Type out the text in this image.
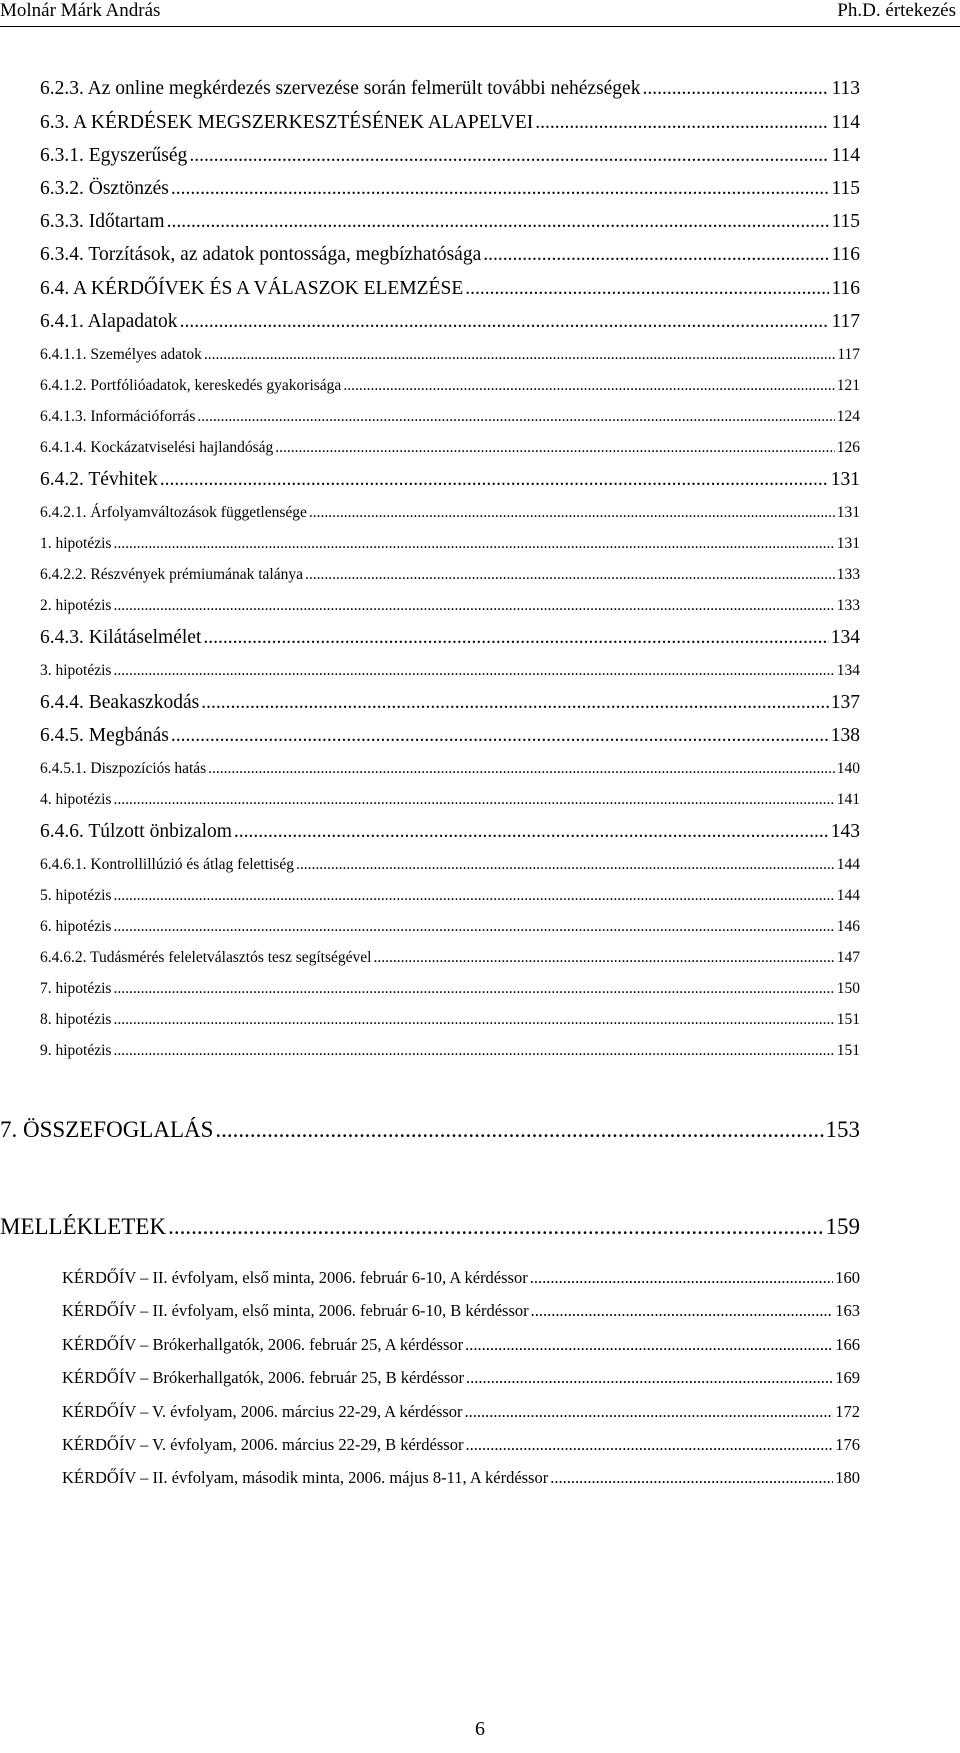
Molnár Márk András	Ph.D. értekezés
6.2.3. Az online megkérdezés szervezése során felmerült további nehézségek .....	113
6.3. A KÉRDÉSEK MEGSZERKESZTÉSÉNEK ALAPELVEI .....	114
6.3.1. Egyszerűség .....	114
6.3.2. Ösztönzés .....	115
6.3.3. Időtartam .....	115
6.3.4. Torzítások, az adatok pontossága, megbízhatósága .....	116
6.4. A KÉRDŐÍVEK ÉS A VÁLASZOK ELEMZÉSE .....	116
6.4.1. Alapadatok .....	117
6.4.1.1. Személyes adatok .....	117
6.4.1.2. Portfólióadatok, kereskedés gyakorisága .....	121
6.4.1.3. Információforrás .....	124
6.4.1.4. Kockázatviselési hajlandóság .....	126
6.4.2. Tévhitek .....	131
6.4.2.1. Árfolyamváltozások függetlensége .....	131
1. hipotézis .....	131
6.4.2.2. Részvények prémiumának talánya .....	133
2. hipotézis .....	133
6.4.3. Kilátáselmélet .....	134
3. hipotézis .....	134
6.4.4. Beakaszkodás .....	137
6.4.5. Megbánás .....	138
6.4.5.1. Diszpozíciós hatás .....	140
4. hipotézis .....	141
6.4.6. Túlzott önbizalom .....	143
6.4.6.1. Kontrollillúzió és átlag felettiség .....	144
5. hipotézis .....	144
6. hipotézis .....	146
6.4.6.2. Tudásmérés feleletválasztós tesz segítségével .....	147
7. hipotézis .....	150
8. hipotézis .....	151
9. hipotézis .....	151
7. ÖSSZEFOGLALÁS .....	153
MELLÉKLETEK .....	159
KÉRDŐÍV – II. évfolyam, első minta, 2006. február 6-10, A kérdéssor .....	160
KÉRDŐÍV – II. évfolyam, első minta, 2006. február 6-10, B kérdéssor .....	163
KÉRDŐÍV – Brókerhallgatók, 2006. február 25, A kérdéssor .....	166
KÉRDŐÍV – Brókerhallgatók, 2006. február 25, B kérdéssor .....	169
KÉRDŐÍV – V. évfolyam, 2006. március 22-29, A kérdéssor .....	172
KÉRDŐÍV – V. évfolyam, 2006. március 22-29, B kérdéssor .....	176
KÉRDŐÍV – II. évfolyam, második minta, 2006. május 8-11, A kérdéssor .....	180
6
